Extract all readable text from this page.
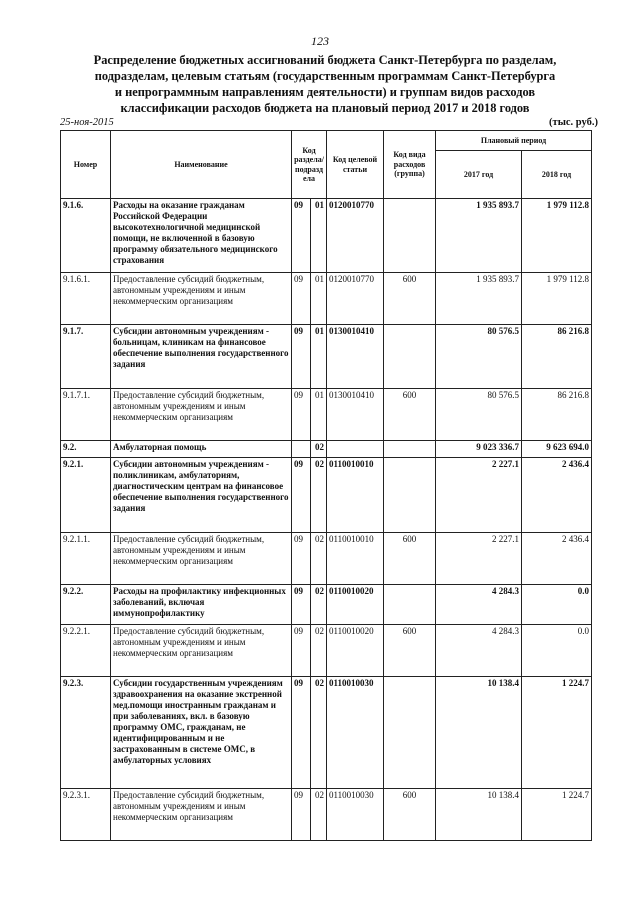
123
Распределение бюджетных ассигнований бюджета Санкт-Петербурга по разделам,
подразделам, целевым статьям (государственным программам Санкт-Петербурга
и непрограммным направлениям деятельности) и группам видов расходов
классификации расходов бюджета на плановый период 2017 и 2018 годов
25-ноя-2015	(тыс. руб.)
Номер	Наименование	Код раздела/ подразд ела		Код целевой статьи	Код вида расходов (группа)	Плановый период	
						2017 год	2018 год
9.1.6.	Расходы на оказание гражданам Российской Федерации высокотехнологичной медицинской помощи, не включенной в базовую программу обязательного медицинского страхования	09	01	0120010770		1 935 893.7	1 979 112.8
9.1.6.1.	Предоставление субсидий бюджетным, автономным учреждениям и иным некоммерческим организациям	09	01	0120010770	600	1 935 893.7	1 979 112.8
9.1.7.	Субсидии автономным учреждениям - больницам, клиникам на финансовое обеспечение выполнения государственного задания	09	01	0130010410		80 576.5	86 216.8
9.1.7.1.	Предоставление субсидий бюджетным, автономным учреждениям и иным некоммерческим организациям	09	01	0130010410	600	80 576.5	86 216.8
9.2.	Амбулаторная помощь		02			9 023 336.7	9 623 694.0
9.2.1.	Субсидии автономным учреждениям - поликлиникам, амбулаториям, диагностическим центрам на финансовое обеспечение выполнения государственного задания	09	02	0110010010		2 227.1	2 436.4
9.2.1.1.	Предоставление субсидий бюджетным, автономным учреждениям и иным некоммерческим организациям	09	02	0110010010	600	2 227.1	2 436.4
9.2.2.	Расходы на профилактику инфекционных заболеваний, включая иммунопрофилактику	09	02	0110010020		4 284.3	0.0
9.2.2.1.	Предоставление субсидий бюджетным, автономным учреждениям и иным некоммерческим организациям	09	02	0110010020	600	4 284.3	0.0
9.2.3.	Субсидии государственным учреждениям здравоохранения на оказание экстренной мед.помощи иностранным гражданам и при заболеваниях, вкл. в базовую программу ОМС, гражданам, не идентифицированным и не застрахованным в системе ОМС, в амбулаторных условиях	09	02	0110010030		10 138.4	1 224.7
9.2.3.1.	Предоставление субсидий бюджетным, автономным учреждениям и иным некоммерческим организациям	09	02	0110010030	600	10 138.4	1 224.7
